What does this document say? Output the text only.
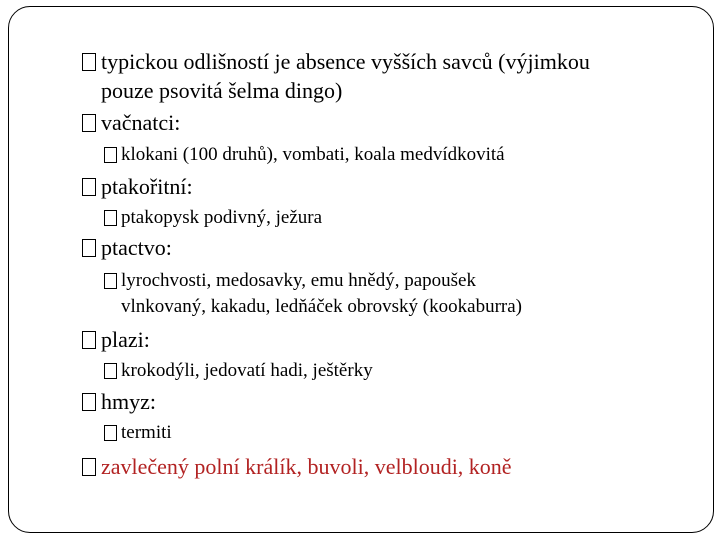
typickou odlišností je absence vyšších savců (výjimkou
pouze psovitá šelma dingo)
vačnatci:
klokani (100 druhů), vombati, koala medvídkovitá
ptakořitní:
ptakopysk podivný, ježura
ptactvo:
lyrochvosti, medosavky, emu hnědý, papoušek
vlnkovaný, kakadu, ledňáček obrovský (kookaburra)
plazi:
krokodýli, jedovatí hadi, ještěrky
hmyz:
termiti
zavlečený polní králík, buvoli, velbloudi, koně
